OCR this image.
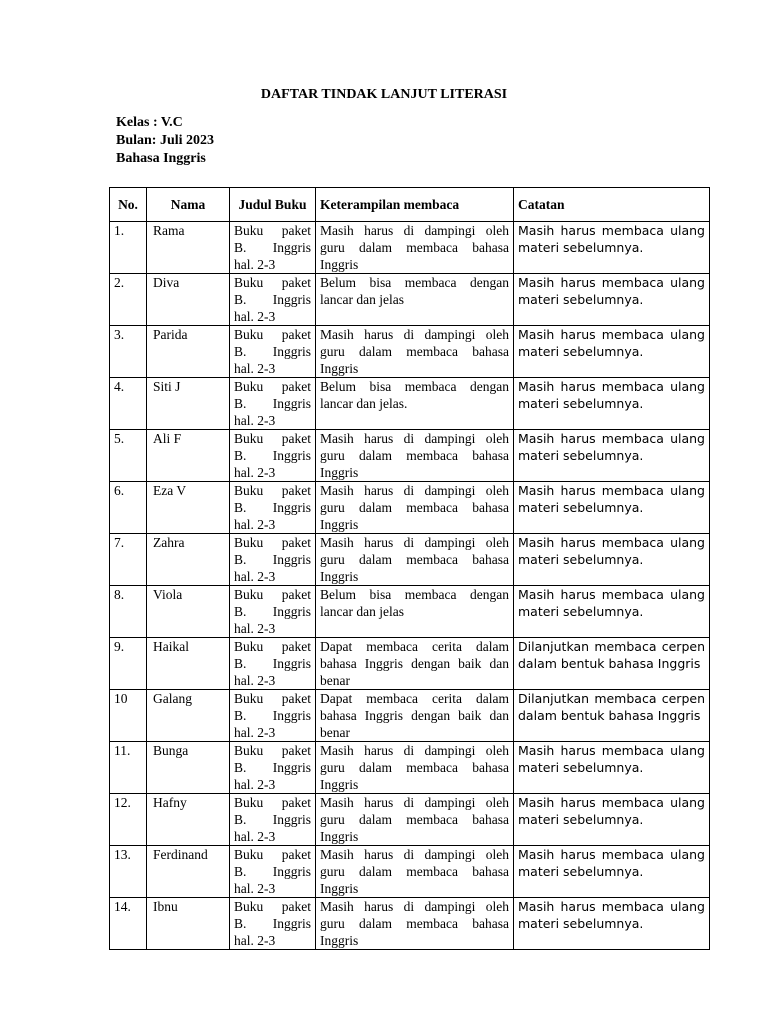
DAFTAR TINDAK LANJUT LITERASI
Kelas : V.C
Bulan: Juli 2023
Bahasa Inggris
No.	Nama	Judul Buku	Keterampilan membaca	Catatan
1.	Rama	Buku paket B. Inggris hal. 2-3	Masih harus di dampingi oleh guru dalam membaca bahasa Inggris	Masih harus membaca ulang materi sebelumnya.
2.	Diva	Buku paket B. Inggris hal. 2-3	Belum bisa membaca dengan lancar dan jelas	Masih harus membaca ulang materi sebelumnya.
3.	Parida	Buku paket B. Inggris hal. 2-3	Masih harus di dampingi oleh guru dalam membaca bahasa Inggris	Masih harus membaca ulang materi sebelumnya.
4.	Siti J	Buku paket B. Inggris hal. 2-3	Belum bisa membaca dengan lancar dan jelas.	Masih harus membaca ulang materi sebelumnya.
5.	Ali F	Buku paket B. Inggris hal. 2-3	Masih harus di dampingi oleh guru dalam membaca bahasa Inggris	Masih harus membaca ulang materi sebelumnya.
6.	Eza V	Buku paket B. Inggris hal. 2-3	Masih harus di dampingi oleh guru dalam membaca bahasa Inggris	Masih harus membaca ulang materi sebelumnya.
7.	Zahra	Buku paket B. Inggris hal. 2-3	Masih harus di dampingi oleh guru dalam membaca bahasa Inggris	Masih harus membaca ulang materi sebelumnya.
8.	Viola	Buku paket B. Inggris hal. 2-3	Belum bisa membaca dengan lancar dan jelas	Masih harus membaca ulang materi sebelumnya.
9.	Haikal	Buku paket B. Inggris hal. 2-3	Dapat membaca cerita dalam bahasa Inggris dengan baik dan benar	Dilanjutkan membaca cerpen dalam bentuk bahasa Inggris
10	Galang	Buku paket B. Inggris hal. 2-3	Dapat membaca cerita dalam bahasa Inggris dengan baik dan benar	Dilanjutkan membaca cerpen dalam bentuk bahasa Inggris
11.	Bunga	Buku paket B. Inggris hal. 2-3	Masih harus di dampingi oleh guru dalam membaca bahasa Inggris	Masih harus membaca ulang materi sebelumnya.
12.	Hafny	Buku paket B. Inggris hal. 2-3	Masih harus di dampingi oleh guru dalam membaca bahasa Inggris	Masih harus membaca ulang materi sebelumnya.
13.	Ferdinand	Buku paket B. Inggris hal. 2-3	Masih harus di dampingi oleh guru dalam membaca bahasa Inggris	Masih harus membaca ulang materi sebelumnya.
14.	Ibnu	Buku paket B. Inggris hal. 2-3	Masih harus di dampingi oleh guru dalam membaca bahasa Inggris	Masih harus membaca ulang materi sebelumnya.
